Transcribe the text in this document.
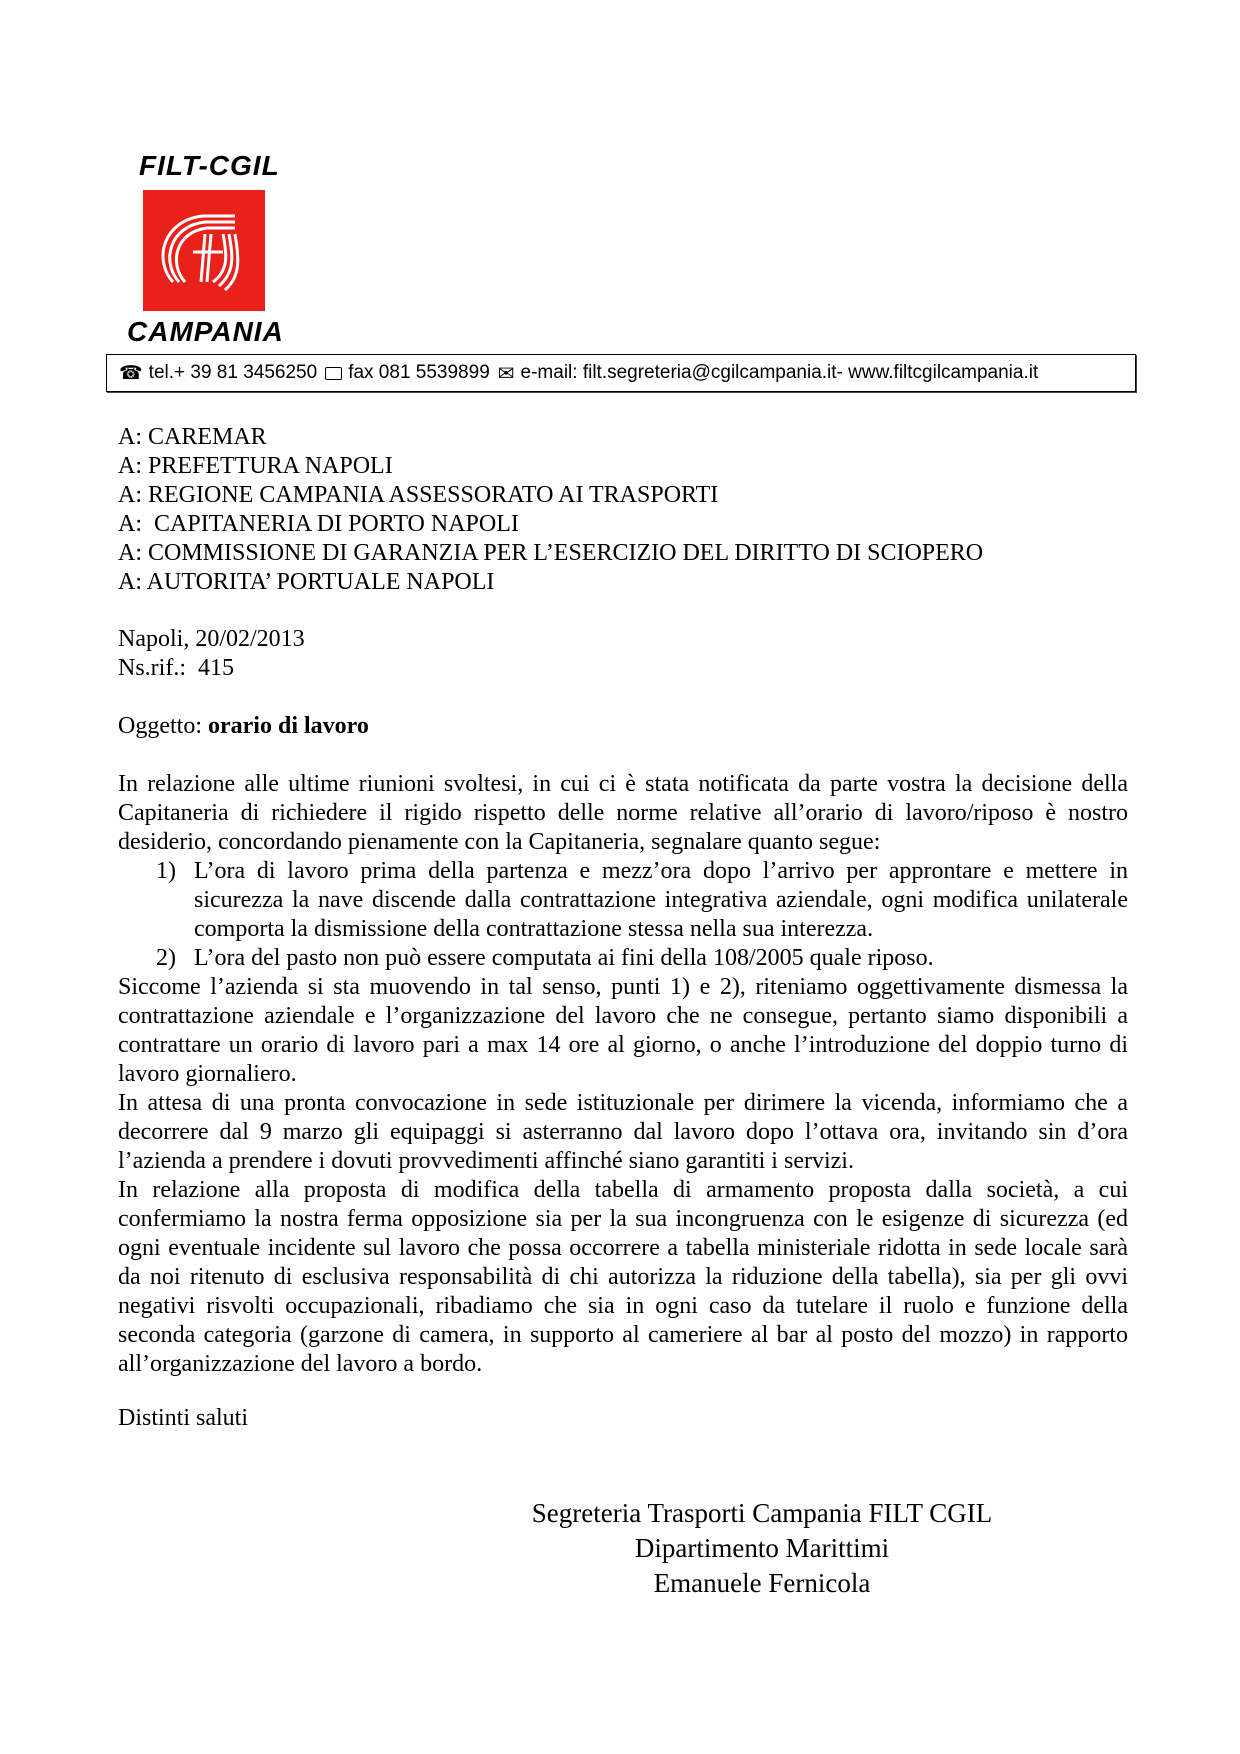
FILT-CGIL
CAMPANIA
☎ tel.+ 39 81 3456250 fax 081 5539899 ✉ e-mail: filt.segreteria@cgilcampania.it- www.filtcgilcampania.it
A: CAREMAR
A: PREFETTURA NAPOLI
A: REGIONE CAMPANIA ASSESSORATO AI TRASPORTI
A:  CAPITANERIA DI PORTO NAPOLI
A: COMMISSIONE DI GARANZIA PER L’ESERCIZIO DEL DIRITTO DI SCIOPERO
A: AUTORITA’ PORTUALE NAPOLI
Napoli, 20/02/2013
Ns.rif.:  415
Oggetto: orario di lavoro

In relazione alle ultime riunioni svoltesi, in cui ci è stata notificata da parte vostra la decisione della Capitaneria di richiedere il rigido rispetto delle norme relative all’orario di lavoro/riposo è nostro desiderio, concordando pienamente con la Capitaneria, segnalare quanto segue:

1) L’ora di lavoro prima della partenza e mezz’ora dopo l’arrivo per approntare e mettere in sicurezza la nave discende dalla contrattazione integrativa aziendale, ogni modifica unilaterale comporta la dismissione della contrattazione stessa nella sua interezza.
2) L’ora del pasto non può essere computata ai fini della 108/2005 quale riposo.

Siccome l’azienda si sta muovendo in tal senso, punti 1) e 2), riteniamo oggettivamente dismessa la contrattazione aziendale e l’organizzazione del lavoro che ne consegue, pertanto siamo disponibili a contrattare un orario di lavoro pari a max 14 ore al giorno, o anche l’introduzione del doppio turno di lavoro giornaliero.

In attesa di una pronta convocazione in sede istituzionale per dirimere la vicenda, informiamo che a decorrere dal 9 marzo gli equipaggi si asterranno dal lavoro dopo l’ottava ora, invitando sin d’ora l’azienda a prendere i dovuti provvedimenti affinché siano garantiti i servizi.

In relazione alla proposta di modifica della tabella di armamento proposta dalla società, a cui confermiamo la nostra ferma opposizione sia per la sua incongruenza con le esigenze di sicurezza (ed ogni eventuale incidente sul lavoro che possa occorrere a tabella ministeriale ridotta in sede locale sarà da noi ritenuto di esclusiva responsabilità di chi autorizza la riduzione della tabella), sia per gli ovvi negativi risvolti occupazionali, ribadiamo che sia in ogni caso da tutelare il ruolo e funzione della seconda categoria (garzone di camera, in supporto al cameriere al bar al posto del mozzo) in rapporto all’organizzazione del lavoro a bordo.

Distinti saluti
Segreteria Trasporti Campania FILT CGIL
Dipartimento Marittimi
Emanuele Fernicola
